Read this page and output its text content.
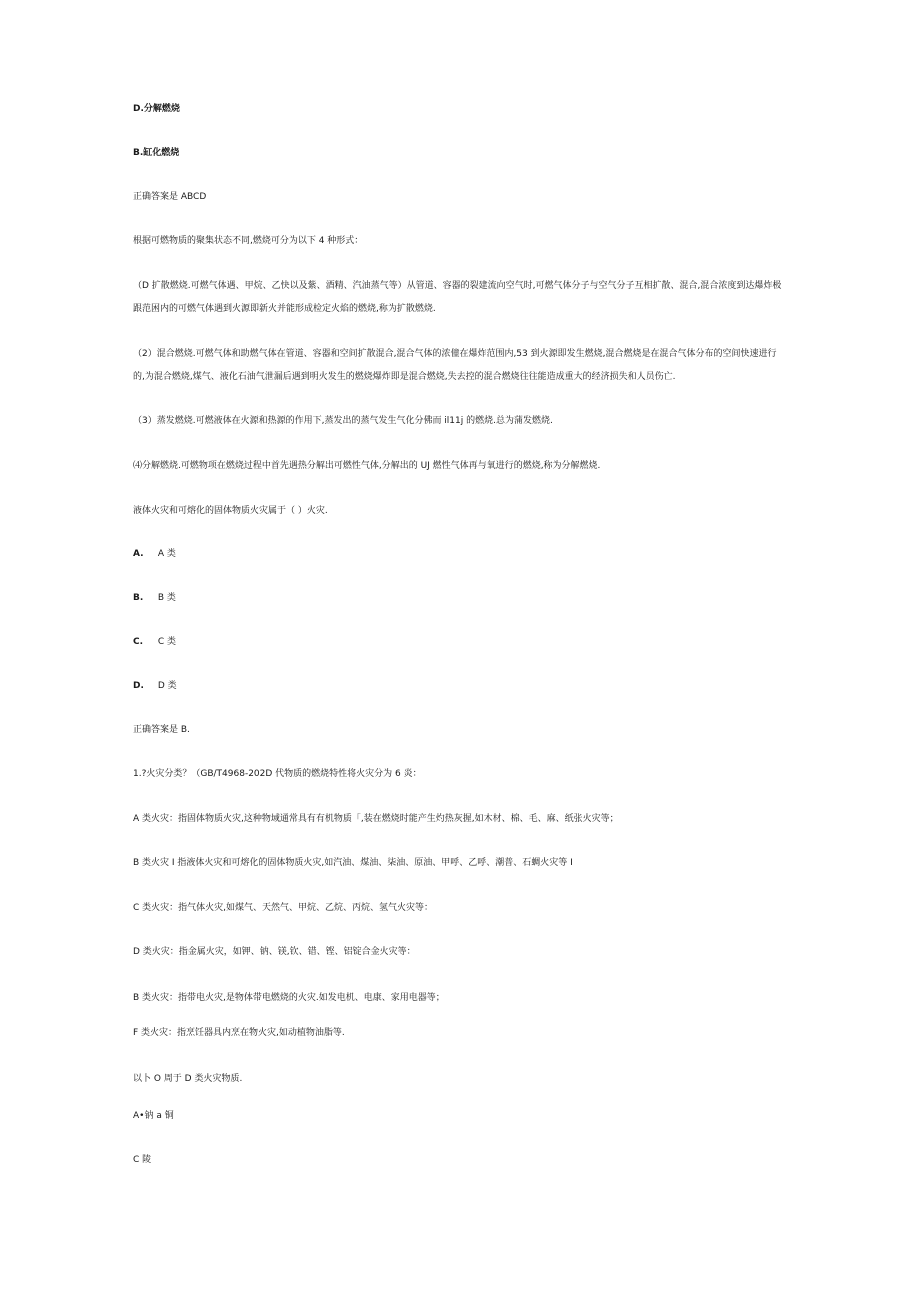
D.分解燃烧
B.缸化燃烧
正确答案是 ABCD
根据可燃物质的聚集状态不同,燃烧可分为以下 4 种形式：
（D 扩散燃烧.可燃气体遇、甲烷、乙快以及紫、酒精、汽油蒸气等）从管道、容器的裂建流向空气时,可燃气体分子与空气分子互相扩散、混合,混合浓度到达爆炸极跟范困内的可燃气体遇到火源即新火并能形成检定火焰的燃烧,称为扩散燃烧.
（2）混合燃烧.可燃气体和助燃气体在管道、容器和空间扩散混合,混合气体的浓僮在爆炸范围内,53 到火源即发生燃烧,混合燃烧是在混合气体分布的空间快速进行的,为混合燃烧,煤气、液化石油气泄漏后遇到明火发生的燃烧爆炸即是混合燃烧,失去控的混合燃烧往往能造成重大的经济损失和人员伤亡.
（3）蒸发燃烧.可燃液体在火源和热源的作用下,蒸发出的蒸气发生气化分佛而 il11j 的燃烧.总为蒲发燃烧.
⑷分解燃烧.可燃物项在燃烧过程中首先遇热分解出可燃性气体,分解出的 UJ 燃性气体再与氧进行的燃烧,称为分解燃烧.
液体火灾和可熔化的固体物质火灾属于（ ）火灾.
A. A 类
B. B 类
C. C 类
D. D 类
正确答案是 B.
1.?火灾分类？（GB/T4968-202D 代物质的燃烧特性将火灾分为 6 炎：
A 类火灾：指固体物质火灾,这种物域通常具有有机物质「,装在燃烧时能产生灼热灰握,如木材、棉、毛、麻、纸张火灾等；
B 类火灾 I 指液体火灾和可熔化的固体物质火灾,如汽油、煤油、柒油、原油、甲呼、乙呼、潮普、石蜩火灾等 I
C 类火灾：指气体火灾,如煤气、天然气、甲烷、乙烷、丙烷、氢气火灾等：
D 类火灾：指金属火灾，如钾、钠、镁,钦、错、铿、铝锭合金火灾等：
B 类火灾：指带电火灾,是物体带电燃烧的火灾.如发电机、电康、家用电器等；
F 类火灾：指烹饪器具内烹在物火灾,如动植物油脂等.
以卜 O 周于 D 类火灾物质.
A•钠 a 铜
C 陵
